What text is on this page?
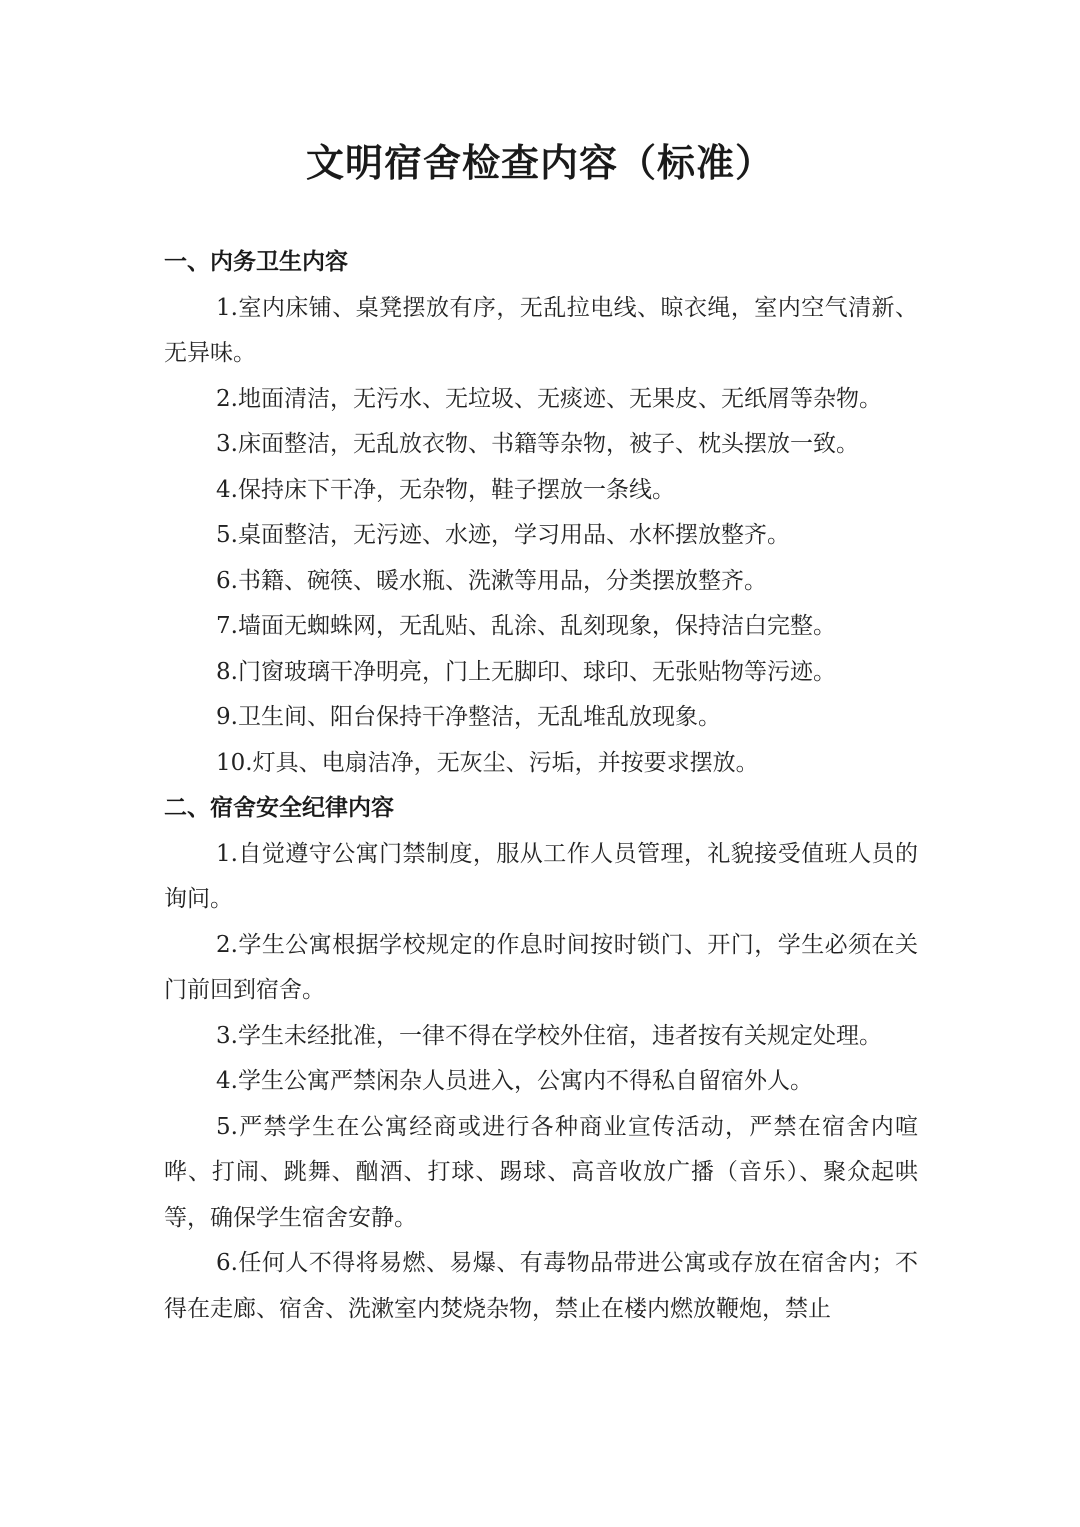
文明宿舍检查内容（标准）
一、内务卫生内容

1.室内床铺、桌凳摆放有序，无乱拉电线、晾衣绳，室内空气清新、无异味。

2.地面清洁，无污水、无垃圾、无痰迹、无果皮、无纸屑等杂物。

3.床面整洁，无乱放衣物、书籍等杂物，被子、枕头摆放一致。

4.保持床下干净，无杂物，鞋子摆放一条线。

5.桌面整洁，无污迹、水迹，学习用品、水杯摆放整齐。

6.书籍、碗筷、暖水瓶、洗漱等用品，分类摆放整齐。

7.墙面无蜘蛛网，无乱贴、乱涂、乱刻现象，保持洁白完整。

8.门窗玻璃干净明亮，门上无脚印、球印、无张贴物等污迹。

9.卫生间、阳台保持干净整洁，无乱堆乱放现象。

10.灯具、电扇洁净，无灰尘、污垢，并按要求摆放。

二、宿舍安全纪律内容

1.自觉遵守公寓门禁制度，服从工作人员管理，礼貌接受值班人员的询问。

2.学生公寓根据学校规定的作息时间按时锁门、开门，学生必须在关门前回到宿舍。

3.学生未经批准，一律不得在学校外住宿，违者按有关规定处理。

4.学生公寓严禁闲杂人员进入，公寓内不得私自留宿外人。

5.严禁学生在公寓经商或进行各种商业宣传活动，严禁在宿舍内喧哗、打闹、跳舞、酗酒、打球、踢球、高音收放广播（音乐）、聚众起哄等，确保学生宿舍安静。

6.任何人不得将易燃、易爆、有毒物品带进公寓或存放在宿舍内；不得在走廊、宿舍、洗漱室内焚烧杂物，禁止在楼内燃放鞭炮，禁止
